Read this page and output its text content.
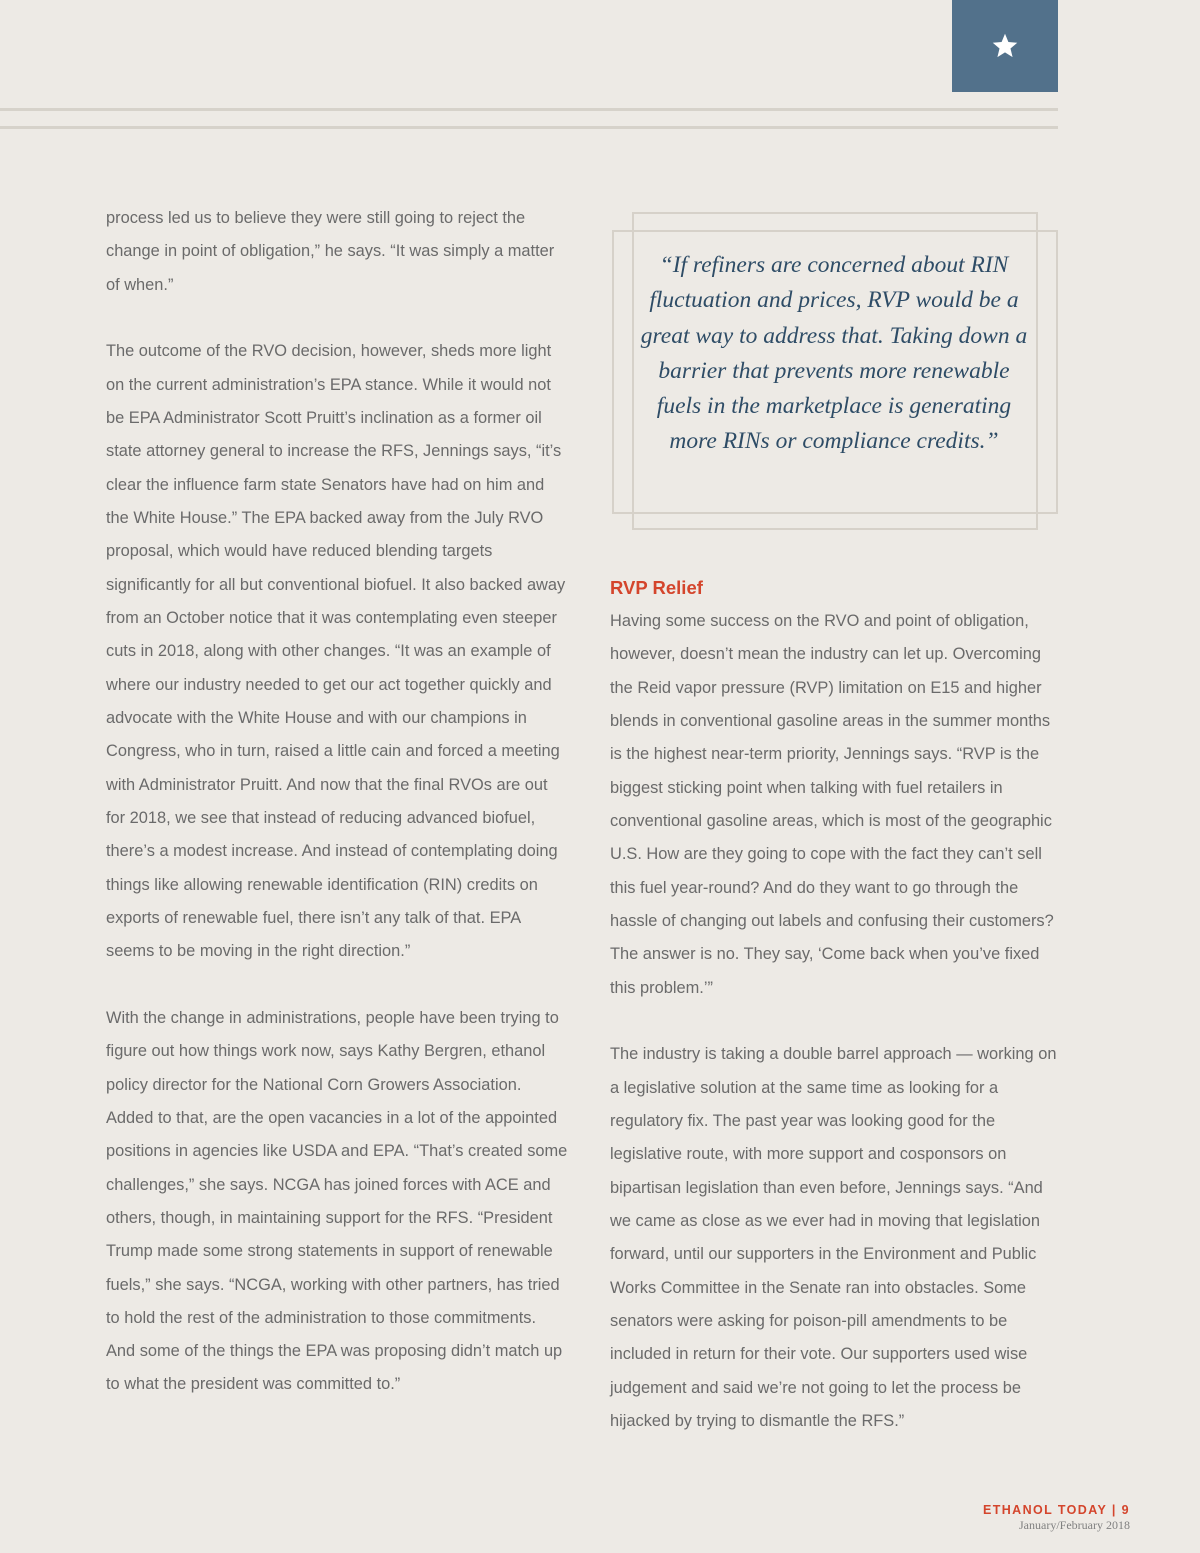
process led us to believe they were still going to reject the change in point of obligation,” he says. “It was simply a matter of when.”

The outcome of the RVO decision, however, sheds more light on the current administration’s EPA stance. While it would not be EPA Administrator Scott Pruitt’s inclination as a former oil state attorney general to increase the RFS, Jennings says, “it’s clear the influence farm state Senators have had on him and the White House.” The EPA backed away from the July RVO proposal, which would have reduced blending targets significantly for all but conventional biofuel. It also backed away from an October notice that it was contemplating even steeper cuts in 2018, along with other changes. “It was an example of where our industry needed to get our act together quickly and advocate with the White House and with our champions in Congress, who in turn, raised a little cain and forced a meeting with Administrator Pruitt. And now that the final RVOs are out for 2018, we see that instead of reducing advanced biofuel, there’s a modest increase. And instead of contemplating doing things like allowing renewable identification (RIN) credits on exports of renewable fuel, there isn’t any talk of that. EPA seems to be moving in the right direction.”

With the change in administrations, people have been trying to figure out how things work now, says Kathy Bergren, ethanol policy director for the National Corn Growers Association. Added to that, are the open vacancies in a lot of the appointed positions in agencies like USDA and EPA. “That’s created some challenges,” she says. NCGA has joined forces with ACE and others, though, in maintaining support for the RFS. “President Trump made some strong statements in support of renewable fuels,” she says. “NCGA, working with other partners, has tried to hold the rest of the administration to those commitments. And some of the things the EPA was proposing didn’t match up to what the president was committed to.”

“If refiners are concerned about RIN fluctuation and prices, RVP would be a great way to address that. Taking down a barrier that prevents more renewable fuels in the marketplace is generating more RINs or compliance credits.”

RVP Relief

Having some success on the RVO and point of obligation, however, doesn’t mean the industry can let up. Overcoming the Reid vapor pressure (RVP) limitation on E15 and higher blends in conventional gasoline areas in the summer months is the highest near-term priority, Jennings says. “RVP is the biggest sticking point when talking with fuel retailers in conventional gasoline areas, which is most of the geographic U.S. How are they going to cope with the fact they can’t sell this fuel year-round? And do they want to go through the hassle of changing out labels and confusing their customers? The answer is no. They say, ‘Come back when you’ve fixed this problem.’”

The industry is taking a double barrel approach — working on a legislative solution at the same time as looking for a regulatory fix. The past year was looking good for the legislative route, with more support and cosponsors on bipartisan legislation than even before, Jennings says. “And we came as close as we ever had in moving that legislation forward, until our supporters in the Environment and Public Works Committee in the Senate ran into obstacles. Some senators were asking for poison-pill amendments to be included in return for their vote. Our supporters used wise judgement and said we’re not going to let the process be hijacked by trying to dismantle the RFS.”

ETHANOL TODAY | 9
January/February 2018
